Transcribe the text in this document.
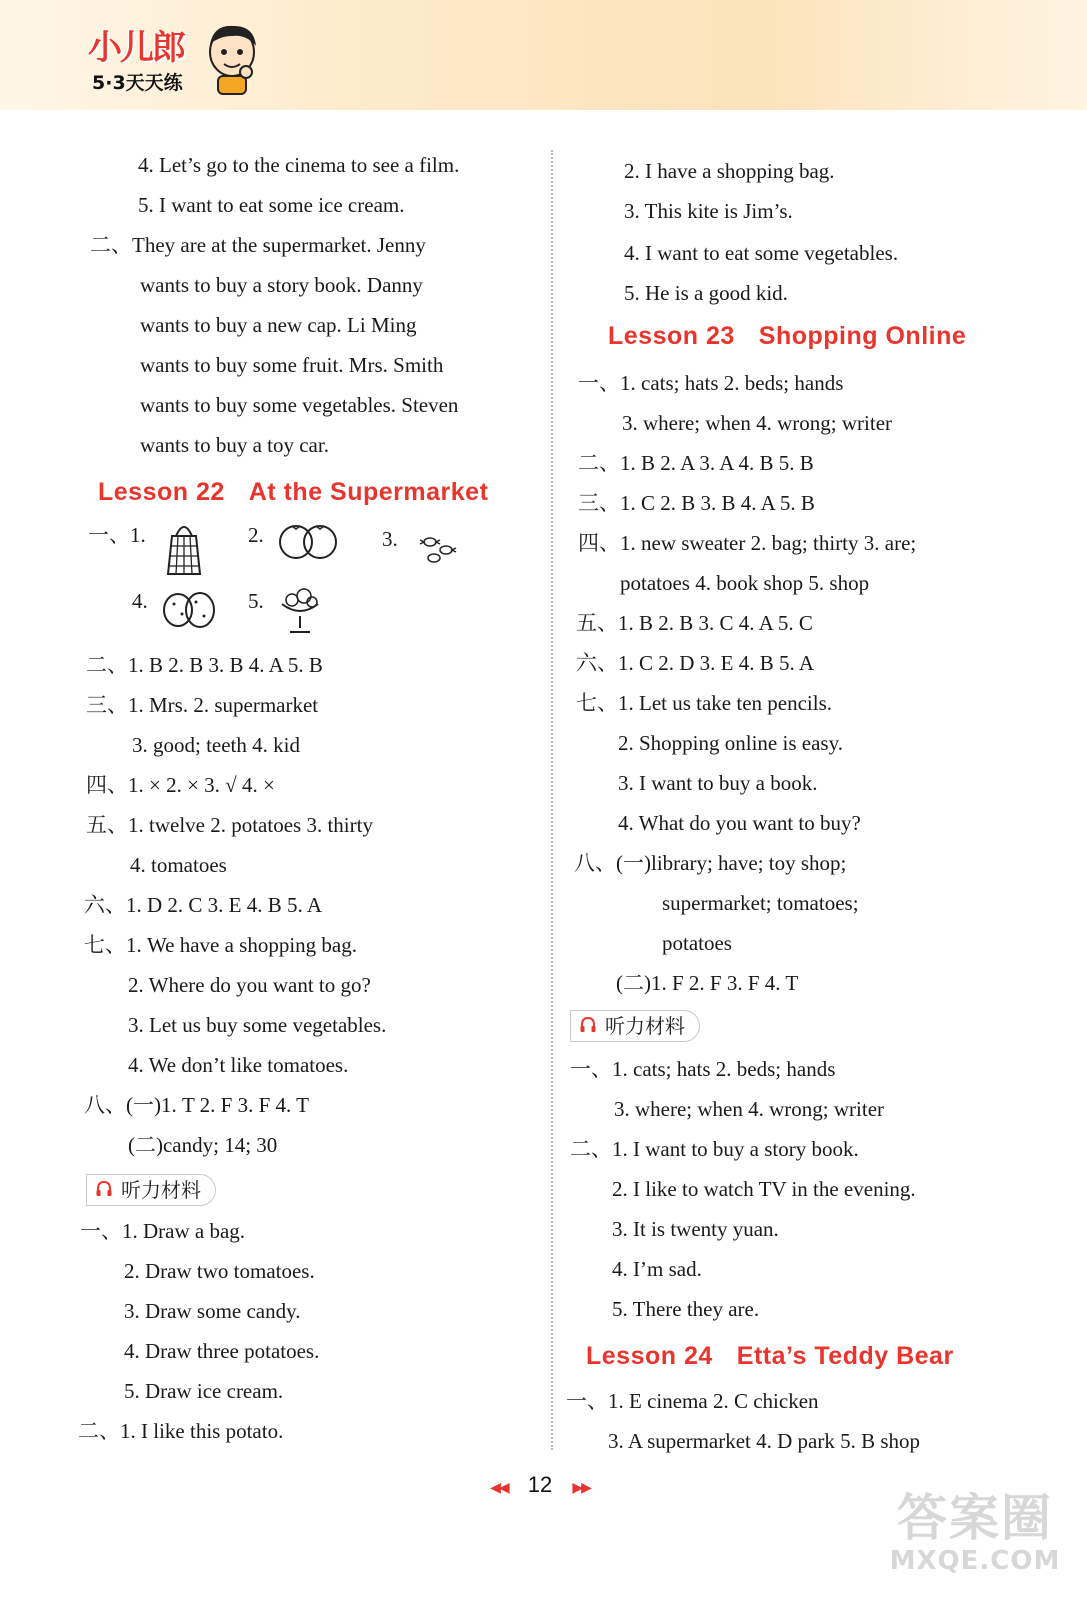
小儿郎
5·3天天练
4. Let’s go to the cinema to see a film.
5. I want to eat some ice cream.
二、They are at the supermarket. Jenny
wants to buy a story book. Danny
wants to buy a new cap. Li Ming
wants to buy some fruit. Mrs. Smith
wants to buy some vegetables. Steven
wants to buy a toy car.
Lesson 22 At the Supermarket
一、1.	2.	3.
4.	5.
二、1. B 2. B 3. B 4. A 5. B
三、1. Mrs. 2. supermarket
3. good; teeth 4. kid
四、1. × 2. × 3. √ 4. ×
五、1. twelve 2. potatoes 3. thirty
4. tomatoes
六、1. D 2. C 3. E 4. B 5. A
七、1. We have a shopping bag.
2. Where do you want to go?
3. Let us buy some vegetables.
4. We don’t like tomatoes.
八、(一)1. T 2. F 3. F 4. T
(二)candy; 14; 30
听力材料
一、1. Draw a bag.
2. Draw two tomatoes.
3. Draw some candy.
4. Draw three potatoes.
5. Draw ice cream.
二、1. I like this potato.
2. I have a shopping bag.
3. This kite is Jim’s.
4. I want to eat some vegetables.
5. He is a good kid.
Lesson 23 Shopping Online
一、1. cats; hats 2. beds; hands
3. where; when 4. wrong; writer
二、1. B 2. A 3. A 4. B 5. B
三、1. C 2. B 3. B 4. A 5. B
四、1. new sweater 2. bag; thirty 3. are;
potatoes 4. book shop 5. shop
五、1. B 2. B 3. C 4. A 5. C
六、1. C 2. D 3. E 4. B 5. A
七、1. Let us take ten pencils.
2. Shopping online is easy.
3. I want to buy a book.
4. What do you want to buy?
八、(一)library; have; toy shop;
supermarket; tomatoes;
potatoes
(二)1. F 2. F 3. F 4. T
听力材料
一、1. cats; hats 2. beds; hands
3. where; when 4. wrong; writer
二、1. I want to buy a story book.
2. I like to watch TV in the evening.
3. It is twenty yuan.
4. I’m sad.
5. There they are.
Lesson 24 Etta’s Teddy Bear
一、1. E cinema 2. C chicken
3. A supermarket 4. D park 5. B shop
◀◀ 12 ▶▶
答案圈
MXQE.COM
